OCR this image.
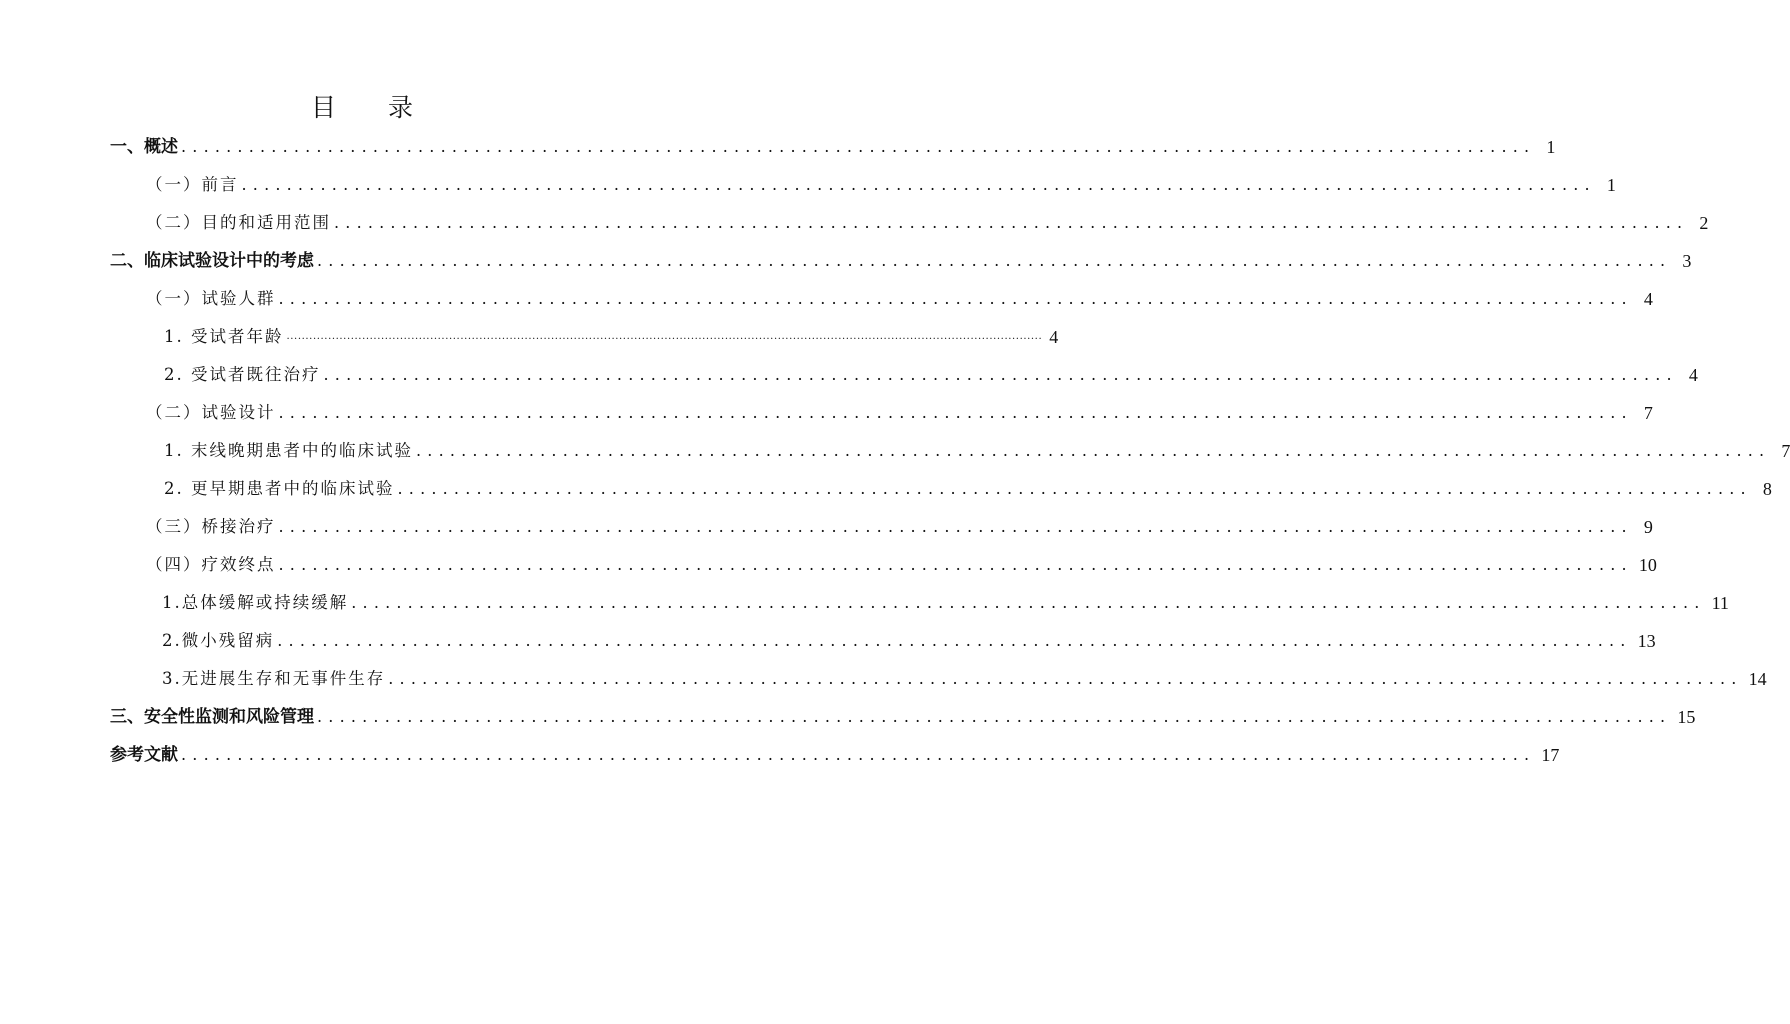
目 录
一、概述 ........................................................................................................................ 1
（一）前言 ........................................................................................................................ 1
（二）目的和适用范围 ........................................................................................................................ 2
二、临床试验设计中的考虑 ........................................................................................................................ 3
（一）试验人群 ........................................................................................................................ 4
1. 受试者年龄 ........................................................................................................................................................................................................ 4
2. 受试者既往治疗 ........................................................................................................................ 4
（二）试验设计 ........................................................................................................................ 7
1. 末线晚期患者中的临床试验 ........................................................................................................................ 7
2. 更早期患者中的临床试验 ........................................................................................................................ 8
（三）桥接治疗 ........................................................................................................................ 9
（四）疗效终点 ........................................................................................................................ 10
1.总体缓解或持续缓解 ........................................................................................................................ 11
2.微小残留病 ........................................................................................................................ 13
3.无进展生存和无事件生存 ........................................................................................................................ 14
三、安全性监测和风险管理 ........................................................................................................................ 15
参考文献 ........................................................................................................................ 17
